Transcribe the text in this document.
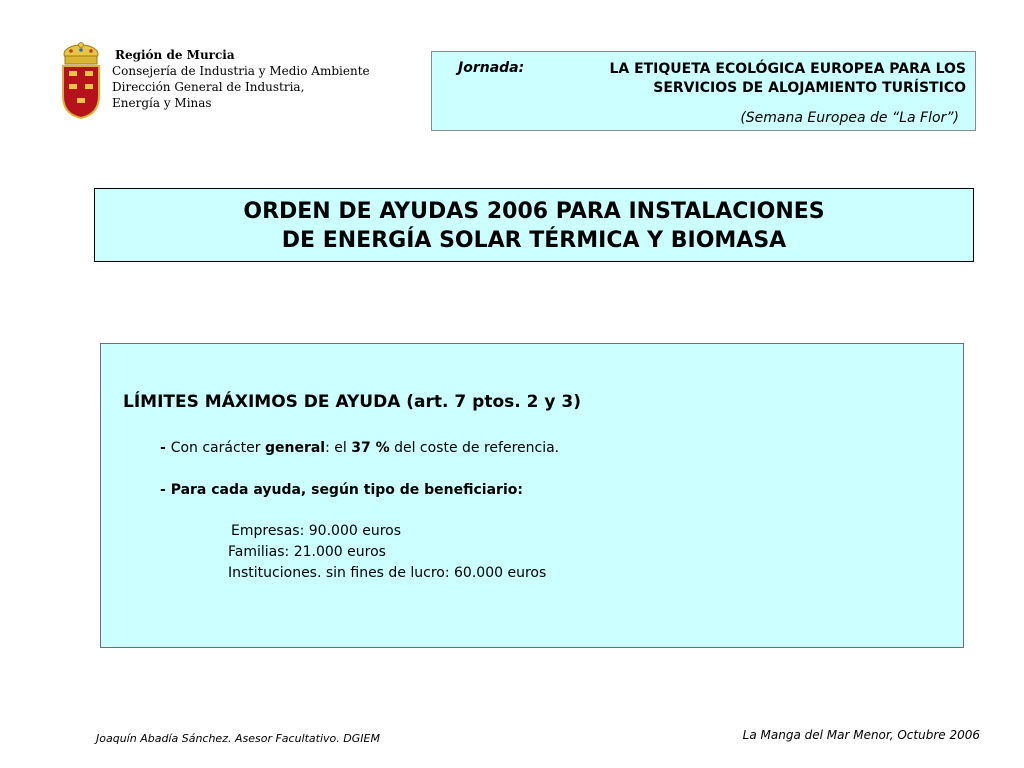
Región de Murcia
Consejería de Industria y Medio Ambiente
Dirección General de Industria,
Energía y Minas
Jornada:	LA ETIQUETA ECOLÓGICA EUROPEA PARA LOS
SERVICIOS DE ALOJAMIENTO TURÍSTICO
(Semana Europea de “La Flor”)
ORDEN DE AYUDAS 2006 PARA INSTALACIONES
DE ENERGÍA SOLAR TÉRMICA Y BIOMASA
LÍMITES MÁXIMOS DE AYUDA (art. 7 ptos. 2 y 3)
- Con carácter general: el 37 % del coste de referencia.
- Para cada ayuda, según tipo de beneficiario:
Empresas: 90.000 euros
Familias: 21.000 euros
Instituciones. sin fines de lucro: 60.000 euros
Joaquín Abadía Sánchez. Asesor Facultativo. DGIEM	La Manga del Mar Menor, Octubre 2006
